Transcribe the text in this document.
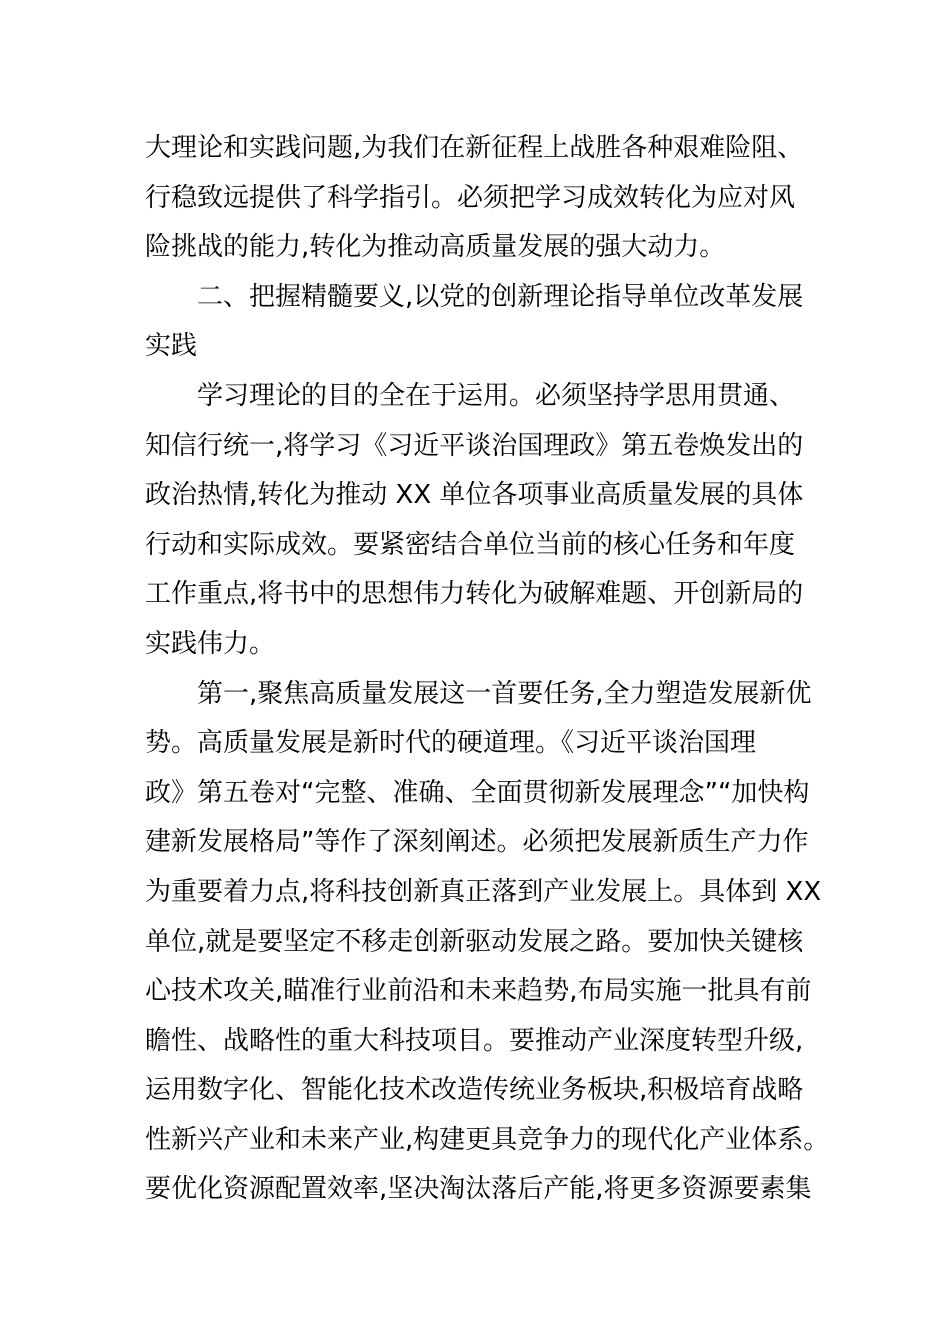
大理论和实践问题,为我们在新征程上战胜各种艰难险阻、
行稳致远提供了科学指引。必须把学习成效转化为应对风
险挑战的能力,转化为推动高质量发展的强大动力。
二、把握精髓要义,以党的创新理论指导单位改革发展
实践
学习理论的目的全在于运用。必须坚持学思用贯通、
知信行统一,将学习《习近平谈治国理政》第五卷焕发出的
政治热情,转化为推动 XX 单位各项事业高质量发展的具体
行动和实际成效。要紧密结合单位当前的核心任务和年度
工作重点,将书中的思想伟力转化为破解难题、开创新局的
实践伟力。
第一,聚焦高质量发展这一首要任务,全力塑造发展新优
势。高质量发展是新时代的硬道理。《习近平谈治国理
政》第五卷对“完整、准确、全面贯彻新发展理念”“加快构
建新发展格局”等作了深刻阐述。必须把发展新质生产力作
为重要着力点,将科技创新真正落到产业发展上。具体到 XX
单位,就是要坚定不移走创新驱动发展之路。要加快关键核
心技术攻关,瞄准行业前沿和未来趋势,布局实施一批具有前
瞻性、战略性的重大科技项目。要推动产业深度转型升级,
运用数字化、智能化技术改造传统业务板块,积极培育战略
性新兴产业和未来产业,构建更具竞争力的现代化产业体系。
要优化资源配置效率,坚决淘汰落后产能,将更多资源要素集
